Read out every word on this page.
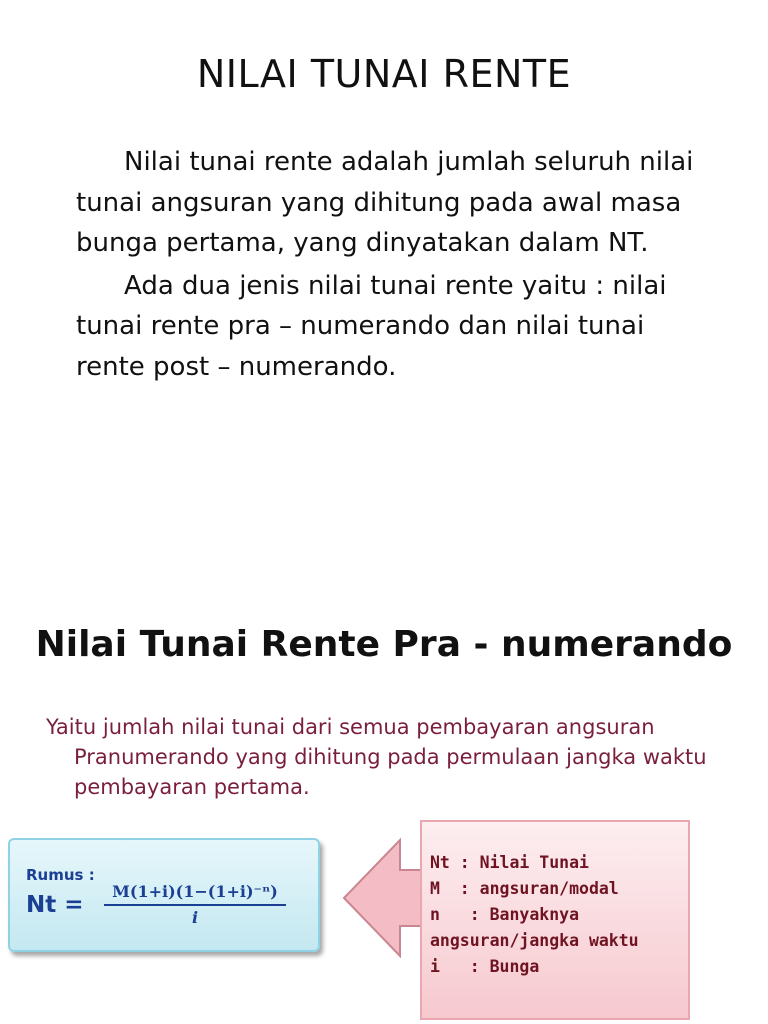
NILAI TUNAI RENTE

Nilai tunai rente adalah jumlah seluruh nilai tunai angsuran yang dihitung pada awal masa bunga pertama, yang dinyatakan dalam NT.

Ada dua jenis nilai tunai rente yaitu : nilai tunai rente pra – numerando dan nilai tunai rente post – numerando.

Nilai Tunai Rente Pra - numerando
Yaitu jumlah nilai tunai dari semua pembayaran angsuran Pranumerando yang dihitung pada permulaan jangka waktu pembayaran pertama.
Rumus :
Nt =
M(1+i)(1−(1+i)⁻ⁿ)
i
Nt : Nilai Tunai
M  : angsuran/modal
n   : Banyaknya
angsuran/jangka waktu
i   : Bunga
